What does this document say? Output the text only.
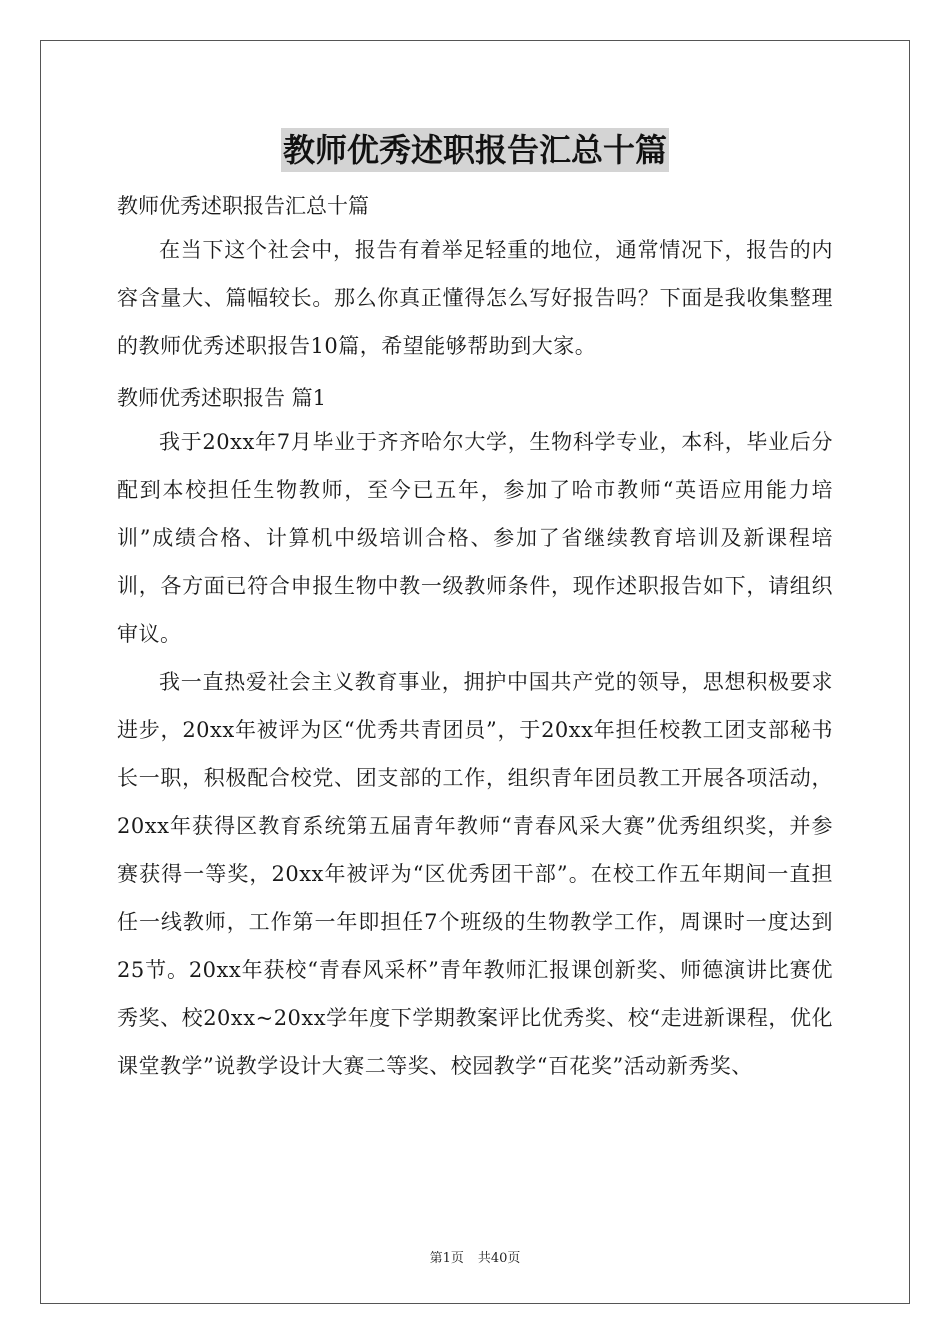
教师优秀述职报告汇总十篇

教师优秀述职报告汇总十篇

在当下这个社会中，报告有着举足轻重的地位，通常情况下，报告的内容含量大、篇幅较长。那么你真正懂得怎么写好报告吗？下面是我收集整理的教师优秀述职报告10篇，希望能够帮助到大家。

教师优秀述职报告 篇1

我于20xx年7月毕业于齐齐哈尔大学，生物科学专业，本科，毕业后分配到本校担任生物教师，至今已五年，参加了哈市教师“英语应用能力培训”成绩合格、计算机中级培训合格、参加了省继续教育培训及新课程培训，各方面已符合申报生物中教一级教师条件，现作述职报告如下，请组织审议。

我一直热爱社会主义教育事业，拥护中国共产党的领导，思想积极要求进步，20xx年被评为区“优秀共青团员”，于20xx年担任校教工团支部秘书长一职，积极配合校党、团支部的工作，组织青年团员教工开展各项活动，20xx年获得区教育系统第五届青年教师“青春风采大赛”优秀组织奖，并参赛获得一等奖，20xx年被评为“区优秀团干部”。在校工作五年期间一直担任一线教师，工作第一年即担任7个班级的生物教学工作，周课时一度达到25节。20xx年获校“青春风采杯”青年教师汇报课创新奖、师德演讲比赛优秀奖、校20xx~20xx学年度下学期教案评比优秀奖、校“走进新课程，优化课堂教学”说教学设计大赛二等奖、校园教学“百花奖”活动新秀奖、

第1页 共40页
